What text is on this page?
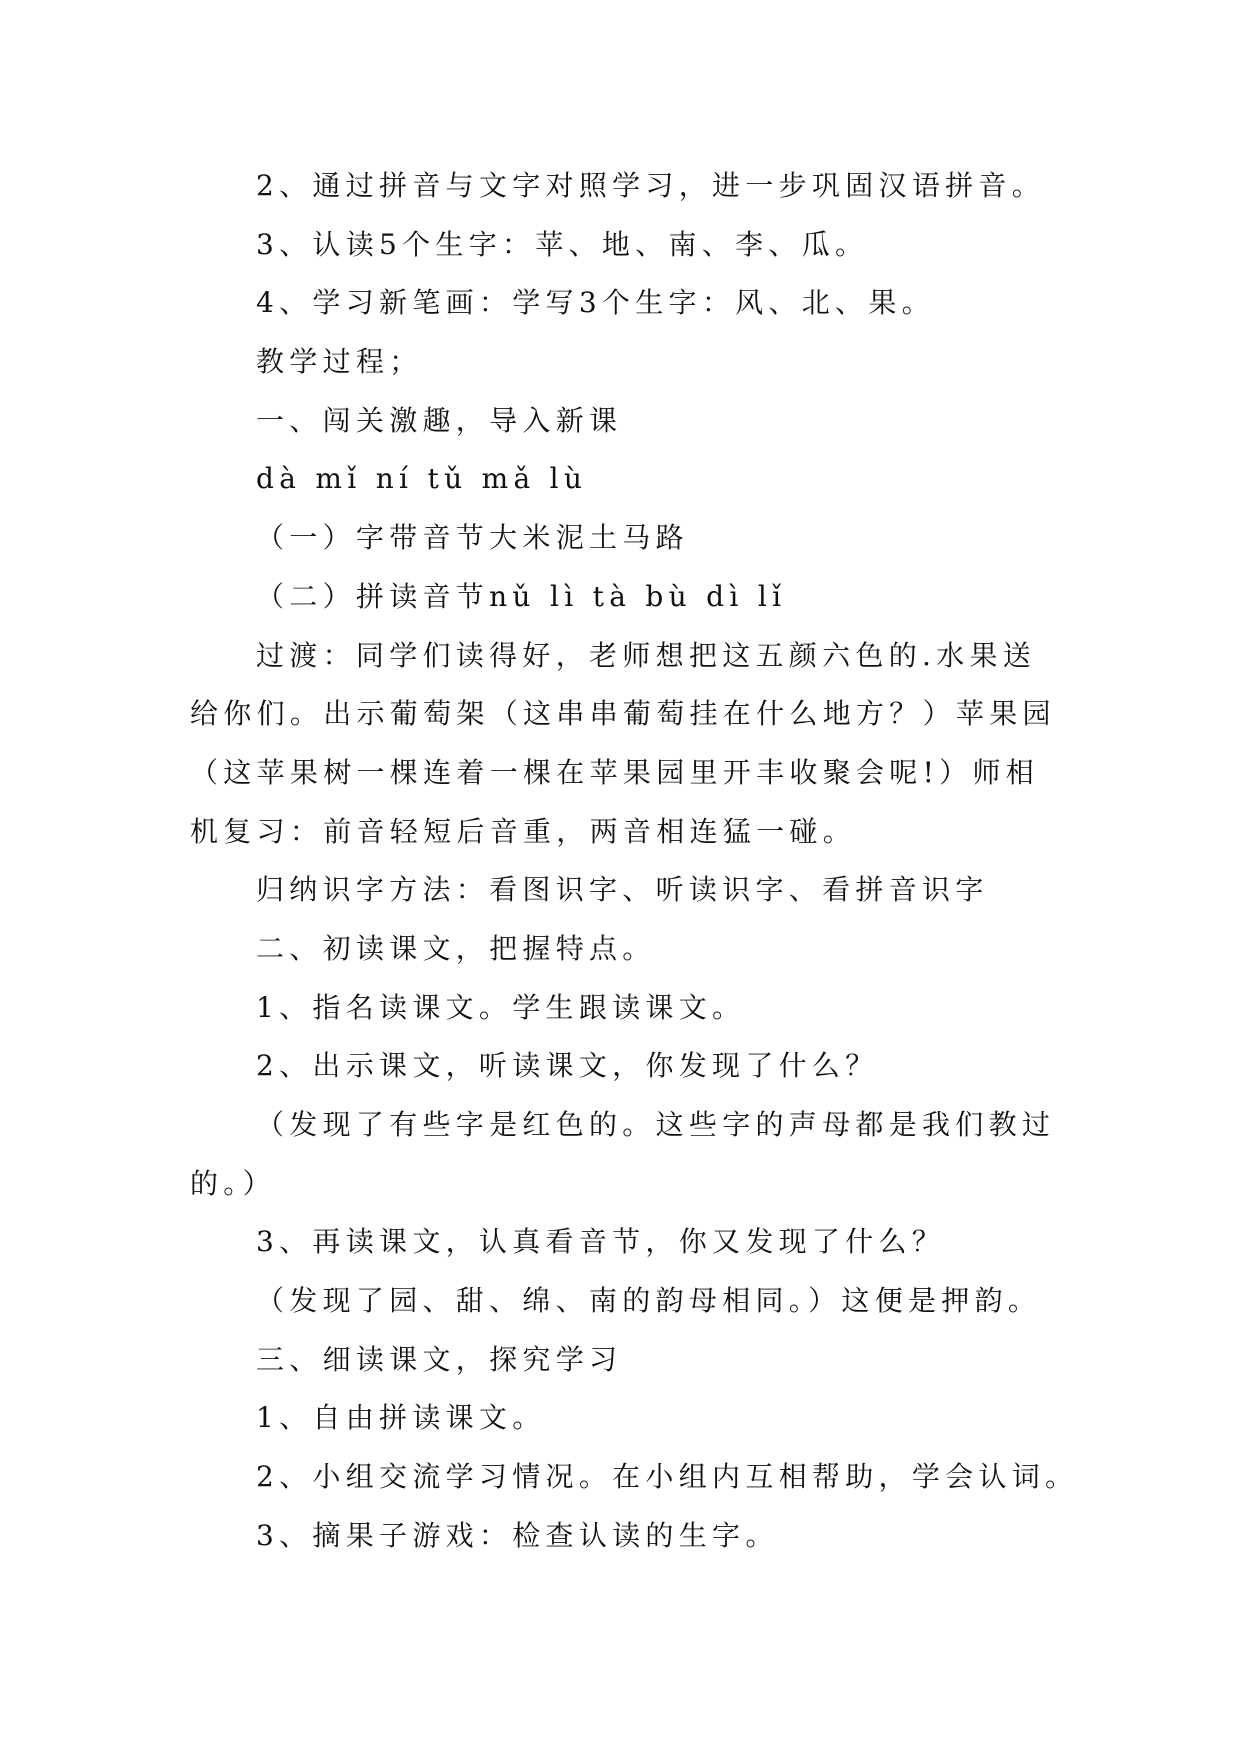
2、通过拼音与文字对照学习，进一步巩固汉语拼音。
3、认读5个生字：苹、地、南、李、瓜。
4、学习新笔画：学写3个生字：风、北、果。
教学过程；
一、闯关激趣，导入新课
dà mǐ ní tǔ mǎ lù
（一）字带音节大米泥土马路
（二）拼读音节nǔ lì tà bù dì lǐ
过渡：同学们读得好，老师想把这五颜六色的.水果送
给你们。出示葡萄架（这串串葡萄挂在什么地方？）苹果园
（这苹果树一棵连着一棵在苹果园里开丰收聚会呢!）师相
机复习：前音轻短后音重，两音相连猛一碰。
归纳识字方法：看图识字、听读识字、看拼音识字
二、初读课文，把握特点。
1、指名读课文。学生跟读课文。
2、出示课文，听读课文，你发现了什么？
（发现了有些字是红色的。这些字的声母都是我们教过
的。）
3、再读课文，认真看音节，你又发现了什么？
（发现了园、甜、绵、南的韵母相同。）这便是押韵。
三、细读课文，探究学习
1、自由拼读课文。
2、小组交流学习情况。在小组内互相帮助，学会认词。
3、摘果子游戏：检查认读的生字。
